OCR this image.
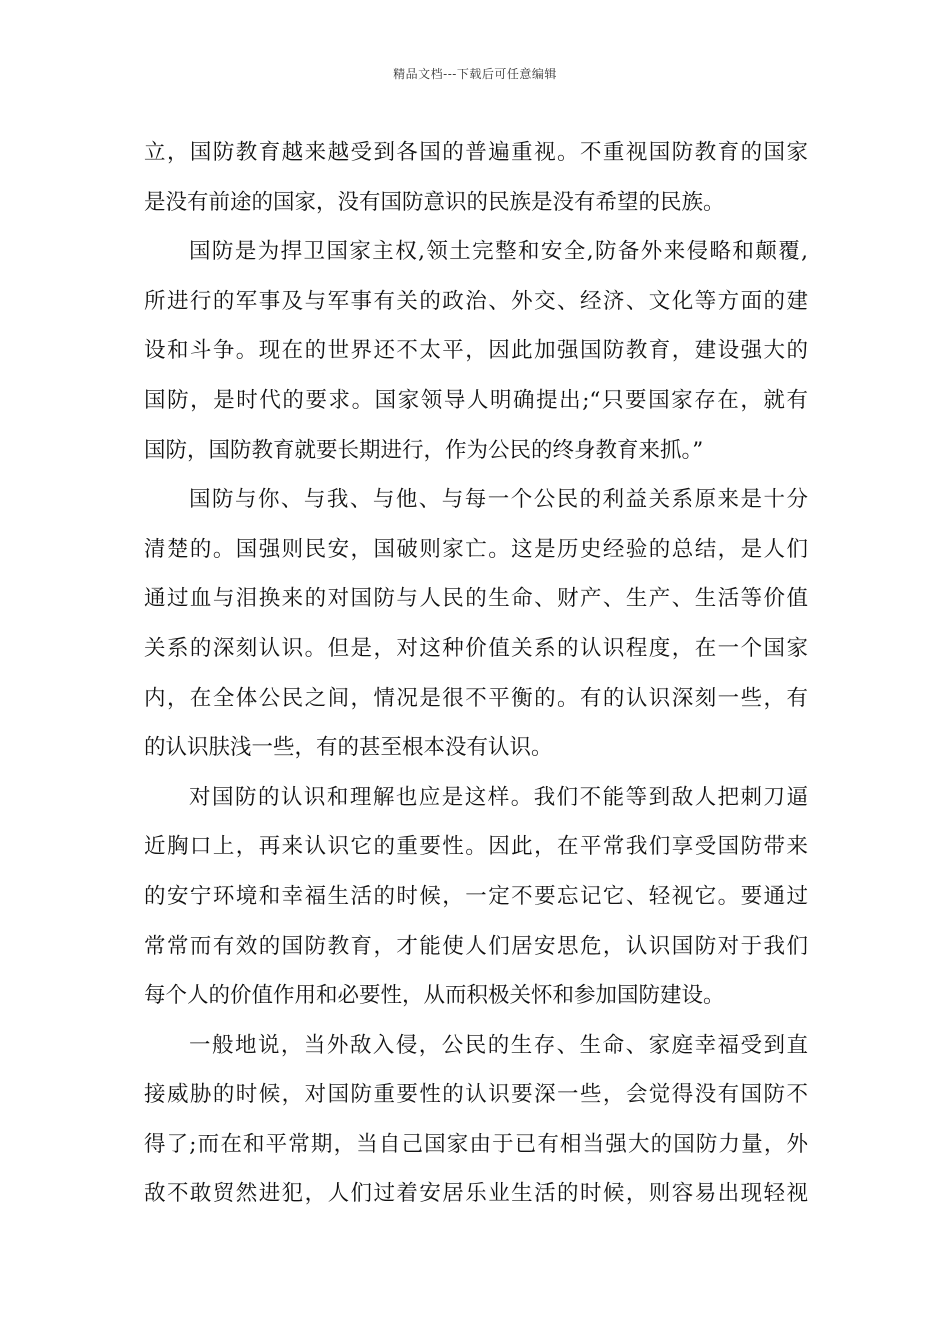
精品文档---下载后可任意编辑
立，国防教育越来越受到各国的普遍重视。不重视国防教育的国家
是没有前途的国家，没有国防意识的民族是没有希望的民族。
国防是为捍卫国家主权,领土完整和安全,防备外来侵略和颠覆,
所进行的军事及与军事有关的政治、外交、经济、文化等方面的建
设和斗争。现在的世界还不太平，因此加强国防教育，建设强大的
国防，是时代的要求。国家领导人明确提出;“只要国家存在，就有
国防，国防教育就要长期进行，作为公民的终身教育来抓。”
国防与你、与我、与他、与每一个公民的利益关系原来是十分
清楚的。国强则民安，国破则家亡。这是历史经验的总结，是人们
通过血与泪换来的对国防与人民的生命、财产、生产、生活等价值
关系的深刻认识。但是，对这种价值关系的认识程度，在一个国家
内，在全体公民之间，情况是很不平衡的。有的认识深刻一些，有
的认识肤浅一些，有的甚至根本没有认识。
对国防的认识和理解也应是这样。我们不能等到敌人把刺刀逼
近胸口上，再来认识它的重要性。因此，在平常我们享受国防带来
的安宁环境和幸福生活的时候，一定不要忘记它、轻视它。要通过
常常而有效的国防教育，才能使人们居安思危，认识国防对于我们
每个人的价值作用和必要性，从而积极关怀和参加国防建设。
一般地说，当外敌入侵，公民的生存、生命、家庭幸福受到直
接威胁的时候，对国防重要性的认识要深一些，会觉得没有国防不
得了;而在和平常期，当自己国家由于已有相当强大的国防力量，外
敌不敢贸然进犯，人们过着安居乐业生活的时候，则容易出现轻视
